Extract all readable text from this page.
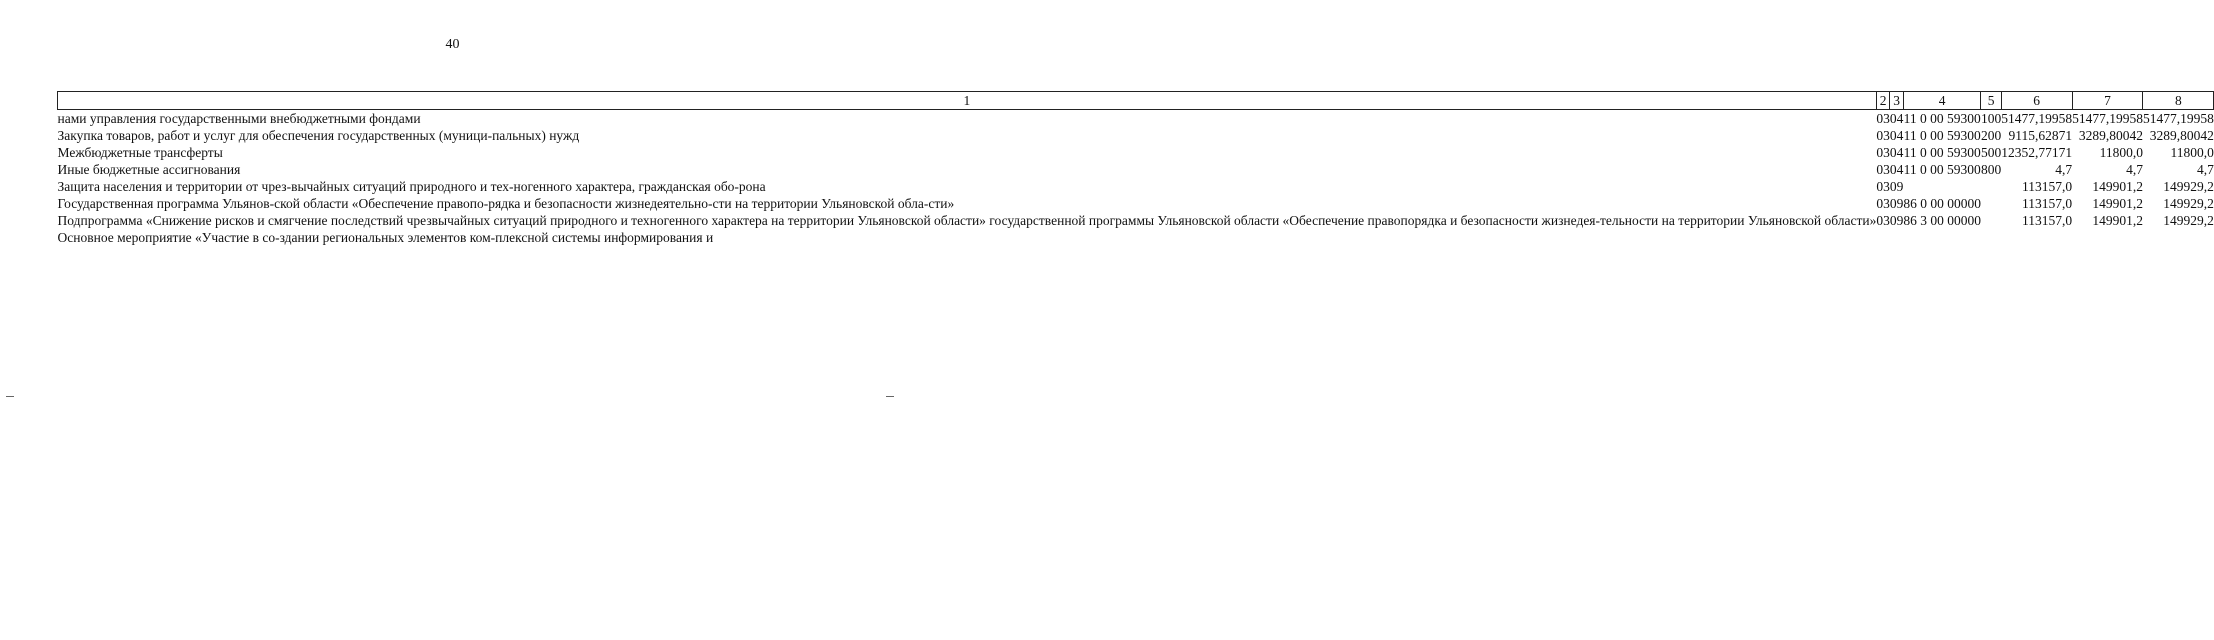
40
1	2	3	4	5	6	7	8
нами управления государственными внебюджетными фондами	03	04	11 0 00 59300	100	51477,19958	51477,19958	51477,19958
Закупка товаров, работ и услуг для обеспечения государственных (муници-пальных) нужд	03	04	11 0 00 59300	200	9115,62871	3289,80042	3289,80042
Межбюджетные трансферты	03	04	11 0 00 59300	500	12352,77171	11800,0	11800,0
Иные бюджетные ассигнования	03	04	11 0 00 59300	800	4,7	4,7	4,7
Защита населения и территории от чрез-вычайных ситуаций природного и тех-ногенного характера, гражданская обо-рона	03	09			113157,0	149901,2	149929,2
Государственная программа Ульянов-ской области «Обеспечение правопо-рядка и безопасности жизнедеятельно-сти на территории Ульяновской обла-сти»	03	09	86 0 00 00000		113157,0	149901,2	149929,2
Подпрограмма «Снижение рисков и смягчение последствий чрезвычайных ситуаций природного и техногенного характера на территории Ульяновской области» государственной программы Ульяновской области «Обеспечение правопорядка и безопасности жизнедея-тельности на территории Ульяновской области»	03	09	86 3 00 00000		113157,0	149901,2	149929,2
Основное мероприятие «Участие в со-здании региональных элементов ком-плексной системы информирования и							
